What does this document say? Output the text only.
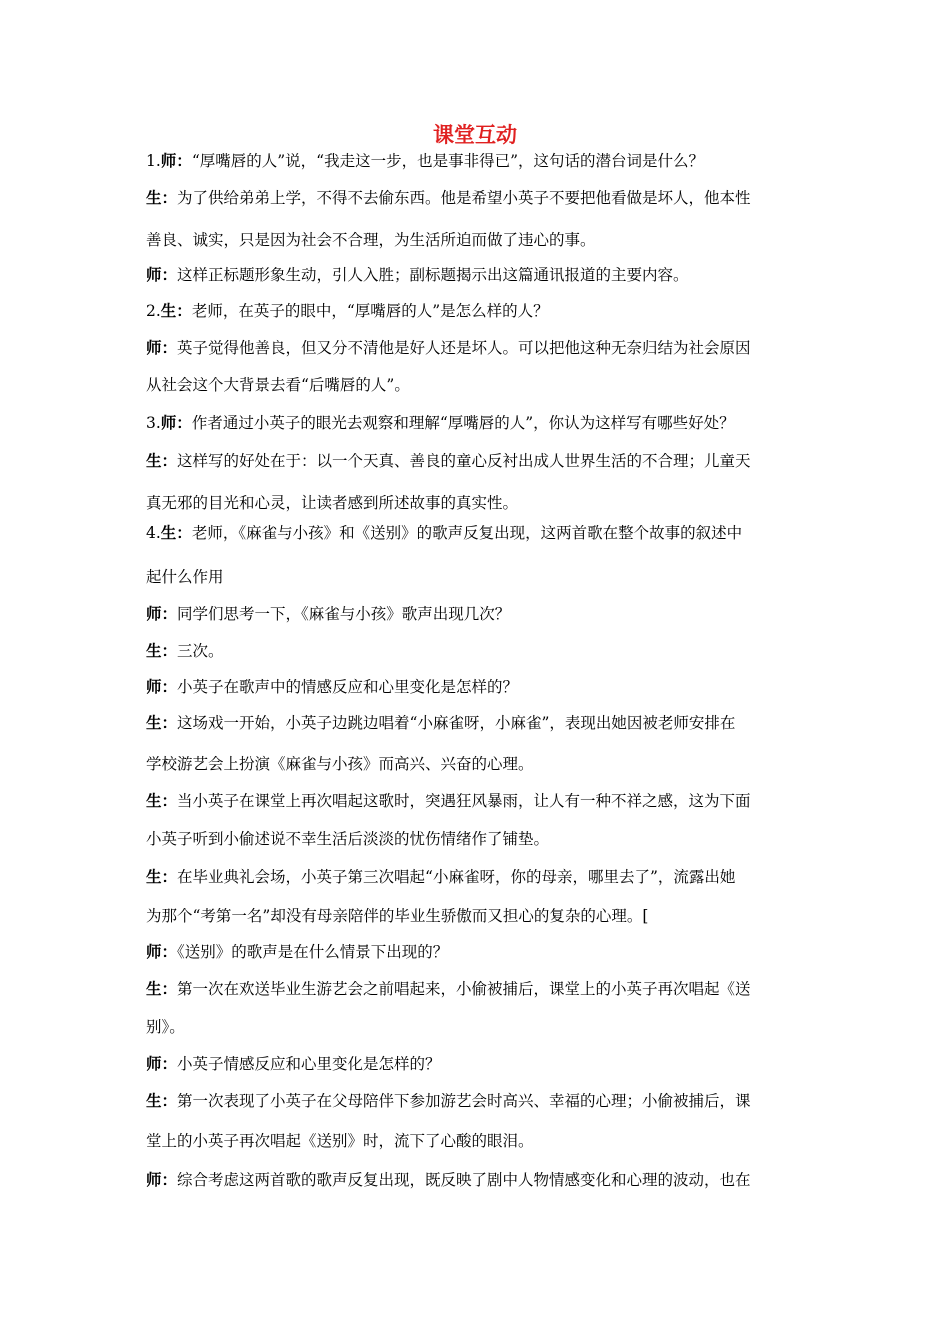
课堂互动
1.师：“厚嘴唇的人”说，“我走这一步，也是事非得已”，这句话的潜台词是什么？
生：为了供给弟弟上学，不得不去偷东西。他是希望小英子不要把他看做是坏人，他本性
善良、诚实，只是因为社会不合理，为生活所迫而做了违心的事。
师：这样正标题形象生动，引人入胜；副标题揭示出这篇通讯报道的主要内容。
2.生：老师，在英子的眼中，“厚嘴唇的人”是怎么样的人？
师：英子觉得他善良，但又分不清他是好人还是坏人。可以把他这种无奈归结为社会原因
从社会这个大背景去看“后嘴唇的人”。
3.师：作者通过小英子的眼光去观察和理解“厚嘴唇的人”，你认为这样写有哪些好处？
生：这样写的好处在于：以一个天真、善良的童心反衬出成人世界生活的不合理；儿童天
真无邪的目光和心灵，让读者感到所述故事的真实性。
4.生：老师，《麻雀与小孩》和《送别》的歌声反复出现，这两首歌在整个故事的叙述中
起什么作用
师：同学们思考一下，《麻雀与小孩》歌声出现几次？
生：三次。
师：小英子在歌声中的情感反应和心里变化是怎样的？
生：这场戏一开始，小英子边跳边唱着“小麻雀呀，小麻雀”，表现出她因被老师安排在
学校游艺会上扮演《麻雀与小孩》而高兴、兴奋的心理。
生：当小英子在课堂上再次唱起这歌时，突遇狂风暴雨，让人有一种不祥之感，这为下面
小英子听到小偷述说不幸生活后淡淡的忧伤情绪作了铺垫。
生：在毕业典礼会场，小英子第三次唱起“小麻雀呀，你的母亲，哪里去了”，流露出她
为那个“考第一名”却没有母亲陪伴的毕业生骄傲而又担心的复杂的心理。[
师：《送别》的歌声是在什么情景下出现的？
生：第一次在欢送毕业生游艺会之前唱起来，小偷被捕后，课堂上的小英子再次唱起《送
别》。
师：小英子情感反应和心里变化是怎样的？
生：第一次表现了小英子在父母陪伴下参加游艺会时高兴、幸福的心理；小偷被捕后，课
堂上的小英子再次唱起《送别》时，流下了心酸的眼泪。
师：综合考虑这两首歌的歌声反复出现，既反映了剧中人物情感变化和心理的波动，也在
